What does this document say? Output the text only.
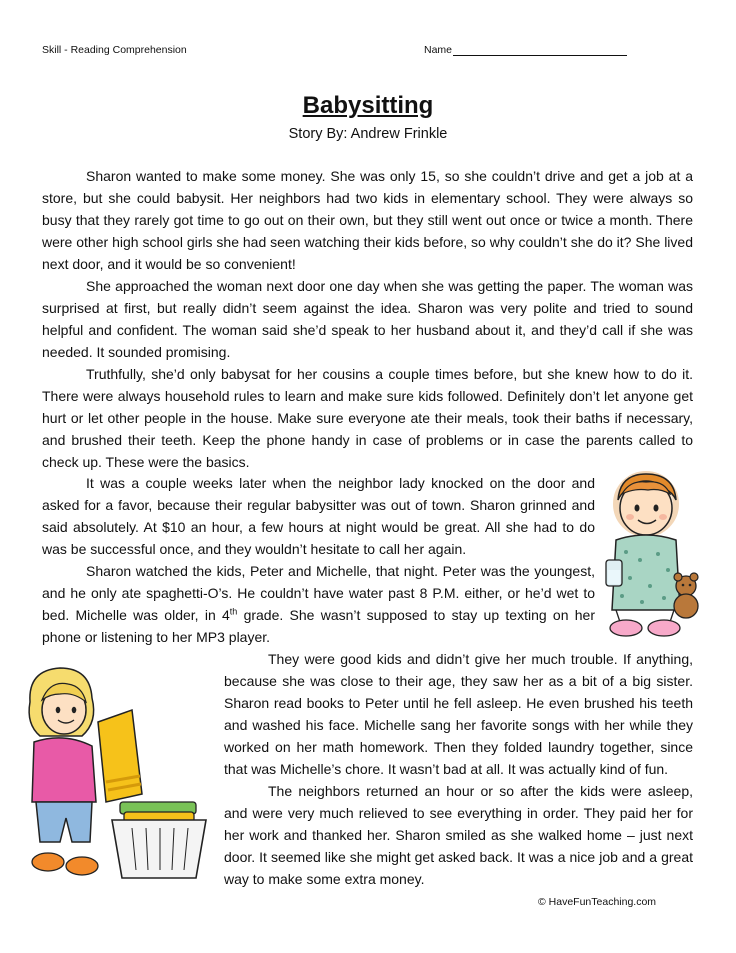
Skill - Reading Comprehension	Name
Babysitting
Story By: Andrew Frinkle

Sharon wanted to make some money. She was only 15, so she couldn’t drive and get a job at a store, but she could babysit. Her neighbors had two kids in elementary school. They were always so busy that they rarely got time to go out on their own, but they still went out once or twice a month. There were other high school girls she had seen watching their kids before, so why couldn’t she do it? She lived next door, and it would be so convenient!

She approached the woman next door one day when she was getting the paper. The woman was surprised at first, but really didn’t seem against the idea. Sharon was very polite and tried to sound helpful and confident. The woman said she’d speak to her husband about it, and they’d call if she was needed. It sounded promising.

Truthfully, she’d only babysat for her cousins a couple times before, but she knew how to do it. There were always household rules to learn and make sure kids followed. Definitely don’t let anyone get hurt or let other people in the house. Make sure everyone ate their meals, took their baths if necessary, and brushed their teeth. Keep the phone handy in case of problems or in case the parents called to check up. These were the basics.

It was a couple weeks later when the neighbor lady knocked on the door and asked for a favor, because their regular babysitter was out of town. Sharon grinned and said absolutely. At $10 an hour, a few hours at night would be great. All she had to do was be successful once, and they wouldn’t hesitate to call her again.

Sharon watched the kids, Peter and Michelle, that night. Peter was the youngest, and he only ate spaghetti-O’s. He couldn’t have water past 8 P.M. either, or he’d wet to bed. Michelle was older, in 4th grade. She wasn’t supposed to stay up texting on her phone or listening to her MP3 player.

They were good kids and didn’t give her much trouble. If anything, because she was close to their age, they saw her as a bit of a big sister. Sharon read books to Peter until he fell asleep. He even brushed his teeth and washed his face. Michelle sang her favorite songs with her while they worked on her math homework. Then they folded laundry together, since that was Michelle’s chore. It wasn’t bad at all. It was actually kind of fun.

The neighbors returned an hour or so after the kids were asleep, and were very much relieved to see everything in order. They paid her for her work and thanked her. Sharon smiled as she walked home – just next door. It seemed like she might get asked back. It was a nice job and a great way to make some extra money.

© HaveFunTeaching.com
